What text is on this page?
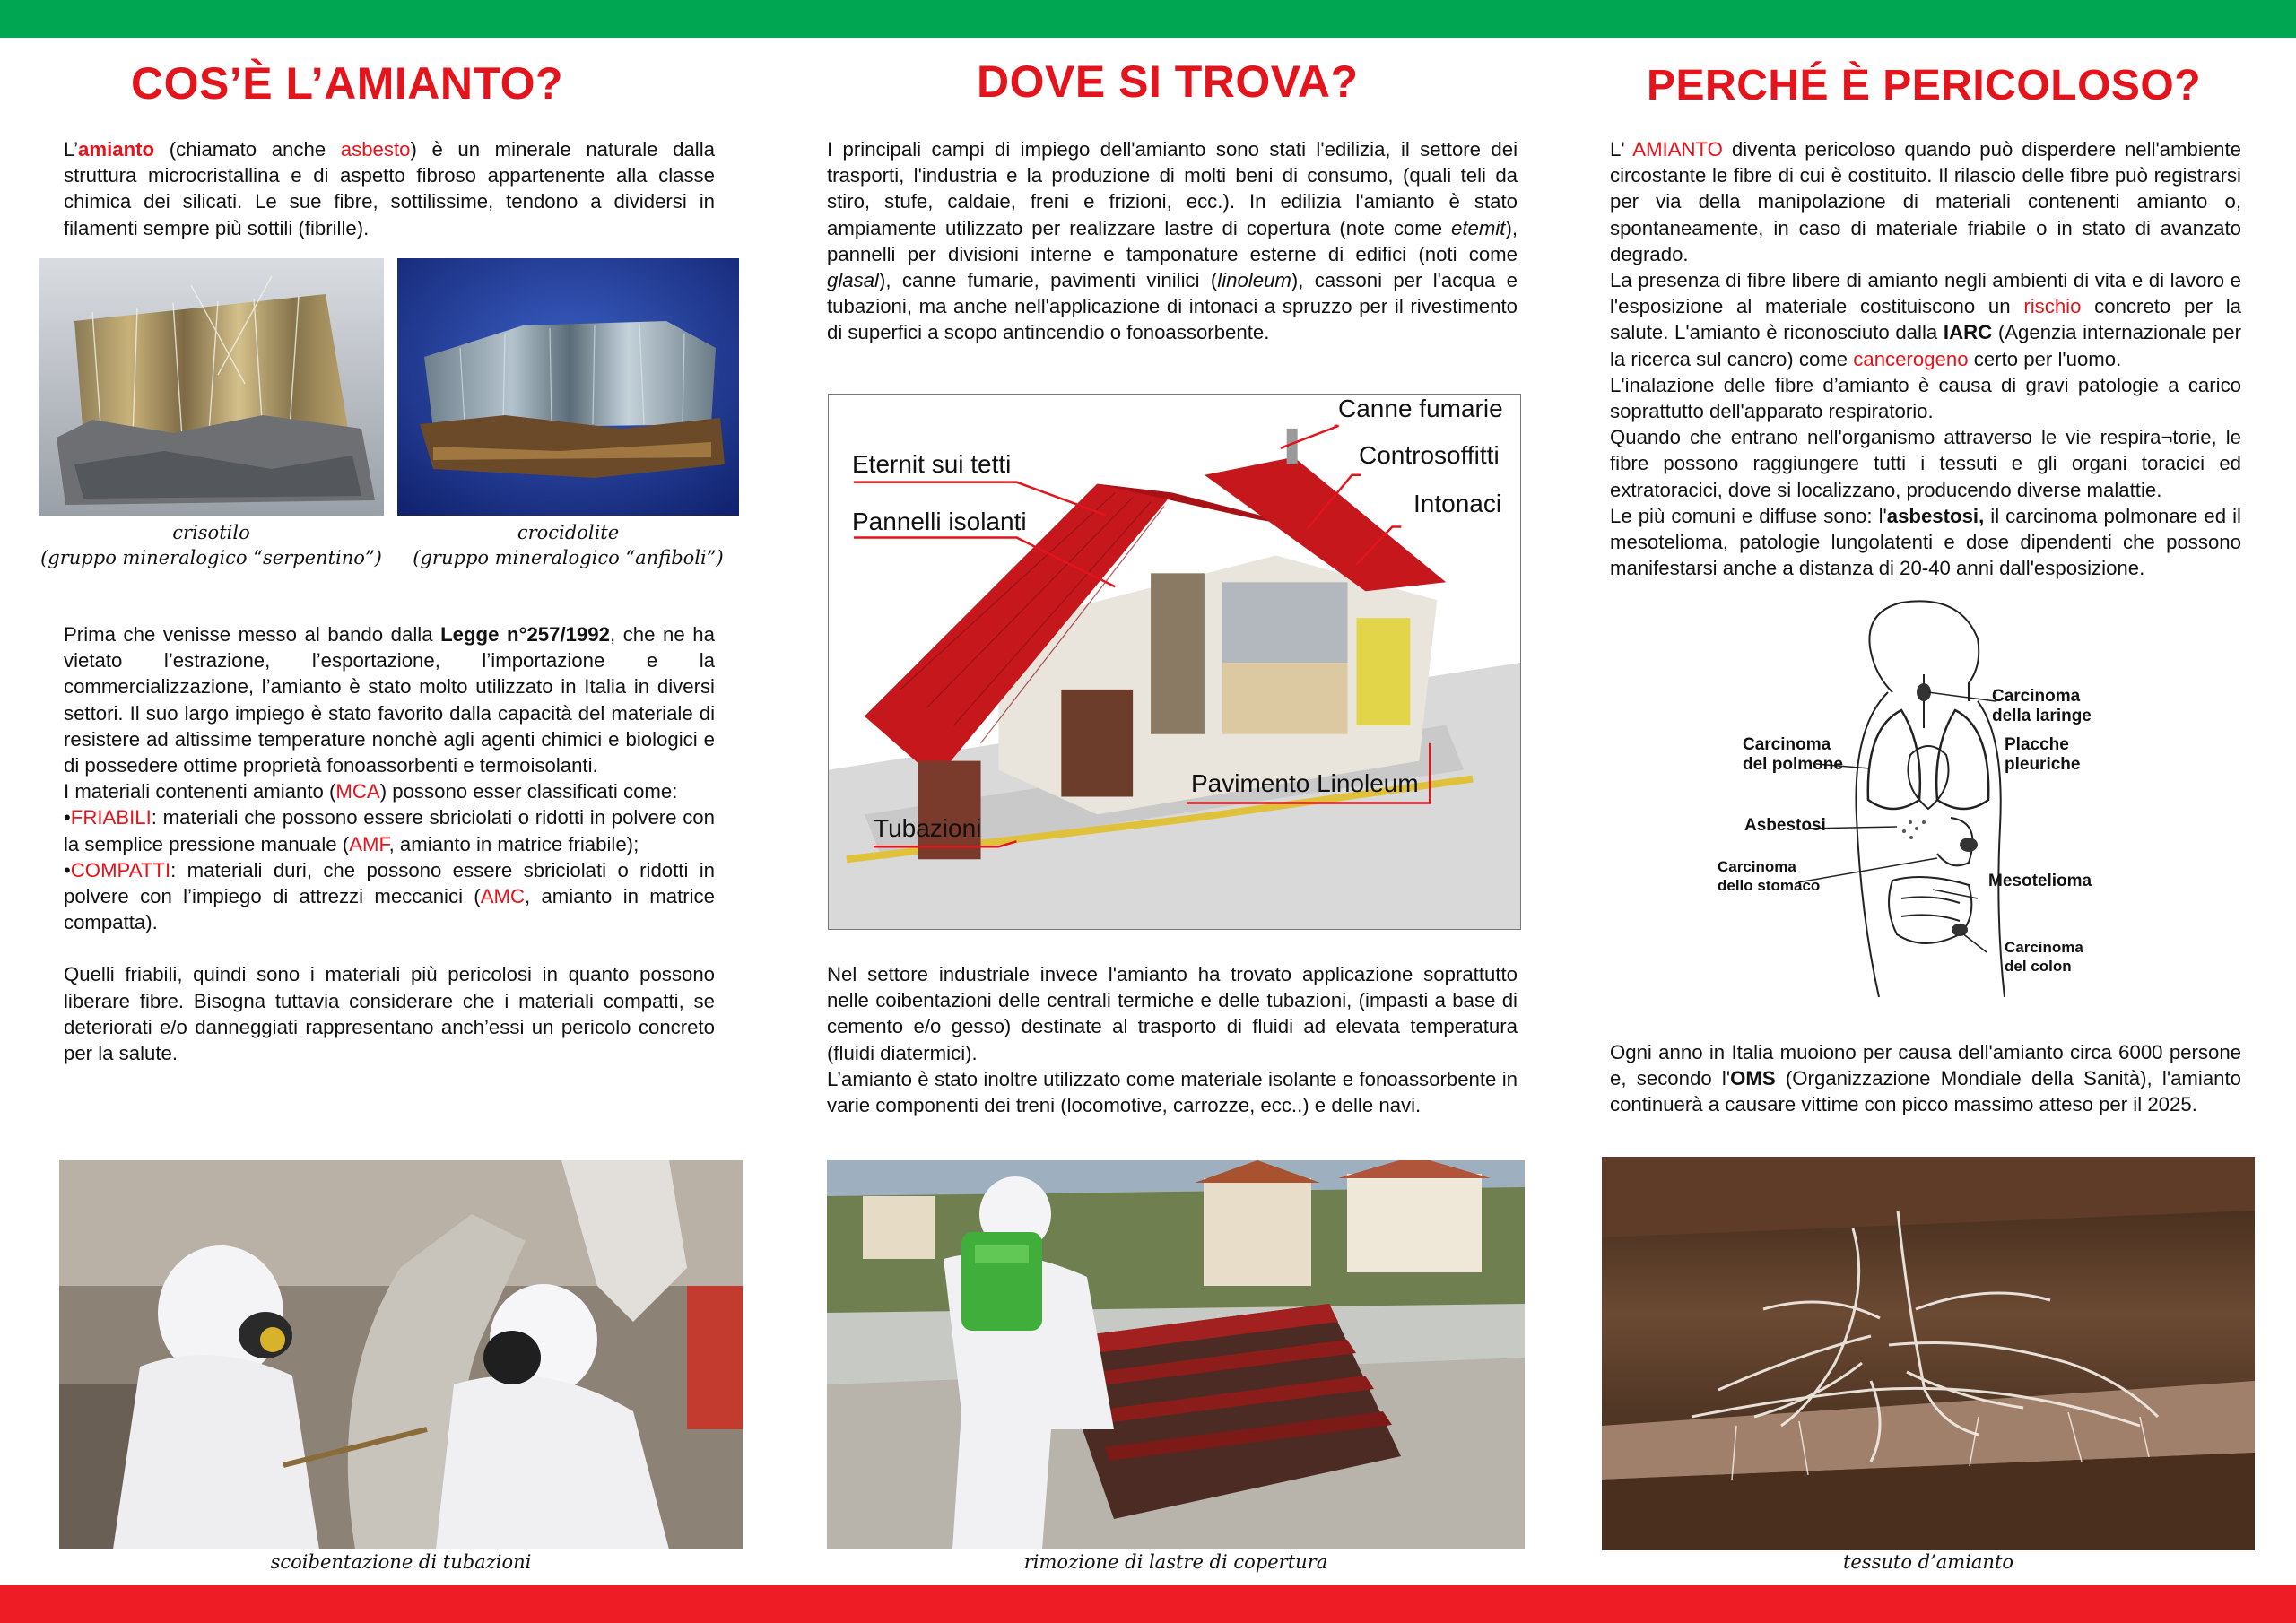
COS’È L’AMIANTO?

L’amianto (chiamato anche asbesto) è un minerale naturale dalla struttura microcristallina e di aspetto fibroso appartenente alla classe chimica dei silicati. Le sue fibre, sottilissime, tendono a dividersi in filamenti sempre più sottili (fibrille).

crisotilo
(gruppo mineralogico “serpentino”)
crocidolite
(gruppo mineralogico “anfiboli”)

Prima che venisse messo al bando dalla Legge n°257/1992, che ne ha vietato l’estrazione, l’esportazione, l’importazione e la commercializzazione, l’amianto è stato molto utilizzato in Italia in diversi settori. Il suo largo impiego è stato favorito dalla capacità del materiale di resistere ad altissime temperature nonchè agli agenti chimici e biologici e di possedere ottime proprietà fonoassorbenti e termoisolanti.

I materiali contenenti amianto (MCA) possono esser classificati come:

•FRIABILI: materiali che possono essere sbriciolati o ridotti in polvere con la semplice pressione manuale (AMF, amianto in matrice friabile);

•COMPATTI: materiali duri, che possono essere sbriciolati o ridotti in polvere con l’impiego di attrezzi meccanici (AMC, amianto in matrice compatta).

Quelli friabili, quindi sono i materiali più pericolosi in quanto possono liberare fibre. Bisogna tuttavia considerare che i materiali compatti, se deteriorati e/o danneggiati rappresentano anch’essi un pericolo concreto per la salute.

scoibentazione di tubazioni
DOVE SI TROVA?

I principali campi di impiego dell'amianto sono stati l'edilizia, il settore dei trasporti, l'industria e la produzione di molti beni di consumo, (quali teli da stiro, stufe, caldaie, freni e frizioni, ecc.). In edilizia l'amianto è stato ampiamente utilizzato per realizzare lastre di copertura (note come etemit), pannelli per divisioni interne e tamponature esterne di edifici (noti come glasal), canne fumarie, pavimenti vinilici (linoleum), cassoni per l'acqua e tubazioni, ma anche nell'applicazione di intonaci a spruzzo per il rivestimento di superfici a scopo antincendio o fonoassorbente.

Canne fumarie
Controsoffitti
Intonaci
Eternit sui tetti
Pannelli isolanti
Pavimento Linoleum
Tubazioni

Nel settore industriale invece l'amianto ha trovato applicazione soprattutto nelle coibentazioni delle centrali termiche e delle tubazioni, (impasti a base di cemento e/o gesso) destinate al trasporto di fluidi ad elevata temperatura (fluidi diatermici).

L’amianto è stato inoltre utilizzato come materiale isolante e fonoassorbente in varie componenti dei treni (locomotive, carrozze, ecc..) e delle navi.

rimozione di lastre di copertura
PERCHÉ È PERICOLOSO?

L' AMIANTO diventa pericoloso quando può disperdere nell'ambiente circostante le fibre di cui è costituito. Il rilascio delle fibre può registrarsi per via della manipolazione di materiali contenenti amianto o, spontaneamente, in caso di materiale friabile o in stato di avanzato degrado.

La presenza di fibre libere di amianto negli ambienti di vita e di lavoro e l'esposizione al materiale costituiscono un rischio concreto per la salute. L'amianto è riconosciuto dalla IARC (Agenzia internazionale per la ricerca sul cancro) come cancerogeno certo per l'uomo.

L'inalazione delle fibre d’amianto è causa di gravi patologie a carico soprattutto dell'apparato respiratorio.

Quando che entrano nell'organismo attraverso le vie respira¬torie, le fibre possono raggiungere tutti i tessuti e gli organi toracici ed extratoracici, dove si localizzano, producendo diverse malattie.

Le più comuni e diffuse sono: l'asbestosi, il carcinoma polmonare ed il mesotelioma, patologie lungolatenti e dose dipendenti che possono manifestarsi anche a distanza di 20-40 anni dall'esposizione.

Carcinoma
della laringe
Carcinoma
del polmone
Placche
pleuriche
Asbestosi
Carcinoma
dello stomaco	Mesotelioma
Carcinoma
del colon

Ogni anno in Italia muoiono per causa dell'amianto circa 6000 persone e, secondo l'OMS (Organizzazione Mondiale della Sanità), l'amianto continuerà a causare vittime con picco massimo atteso per il 2025.

tessuto d’amianto
